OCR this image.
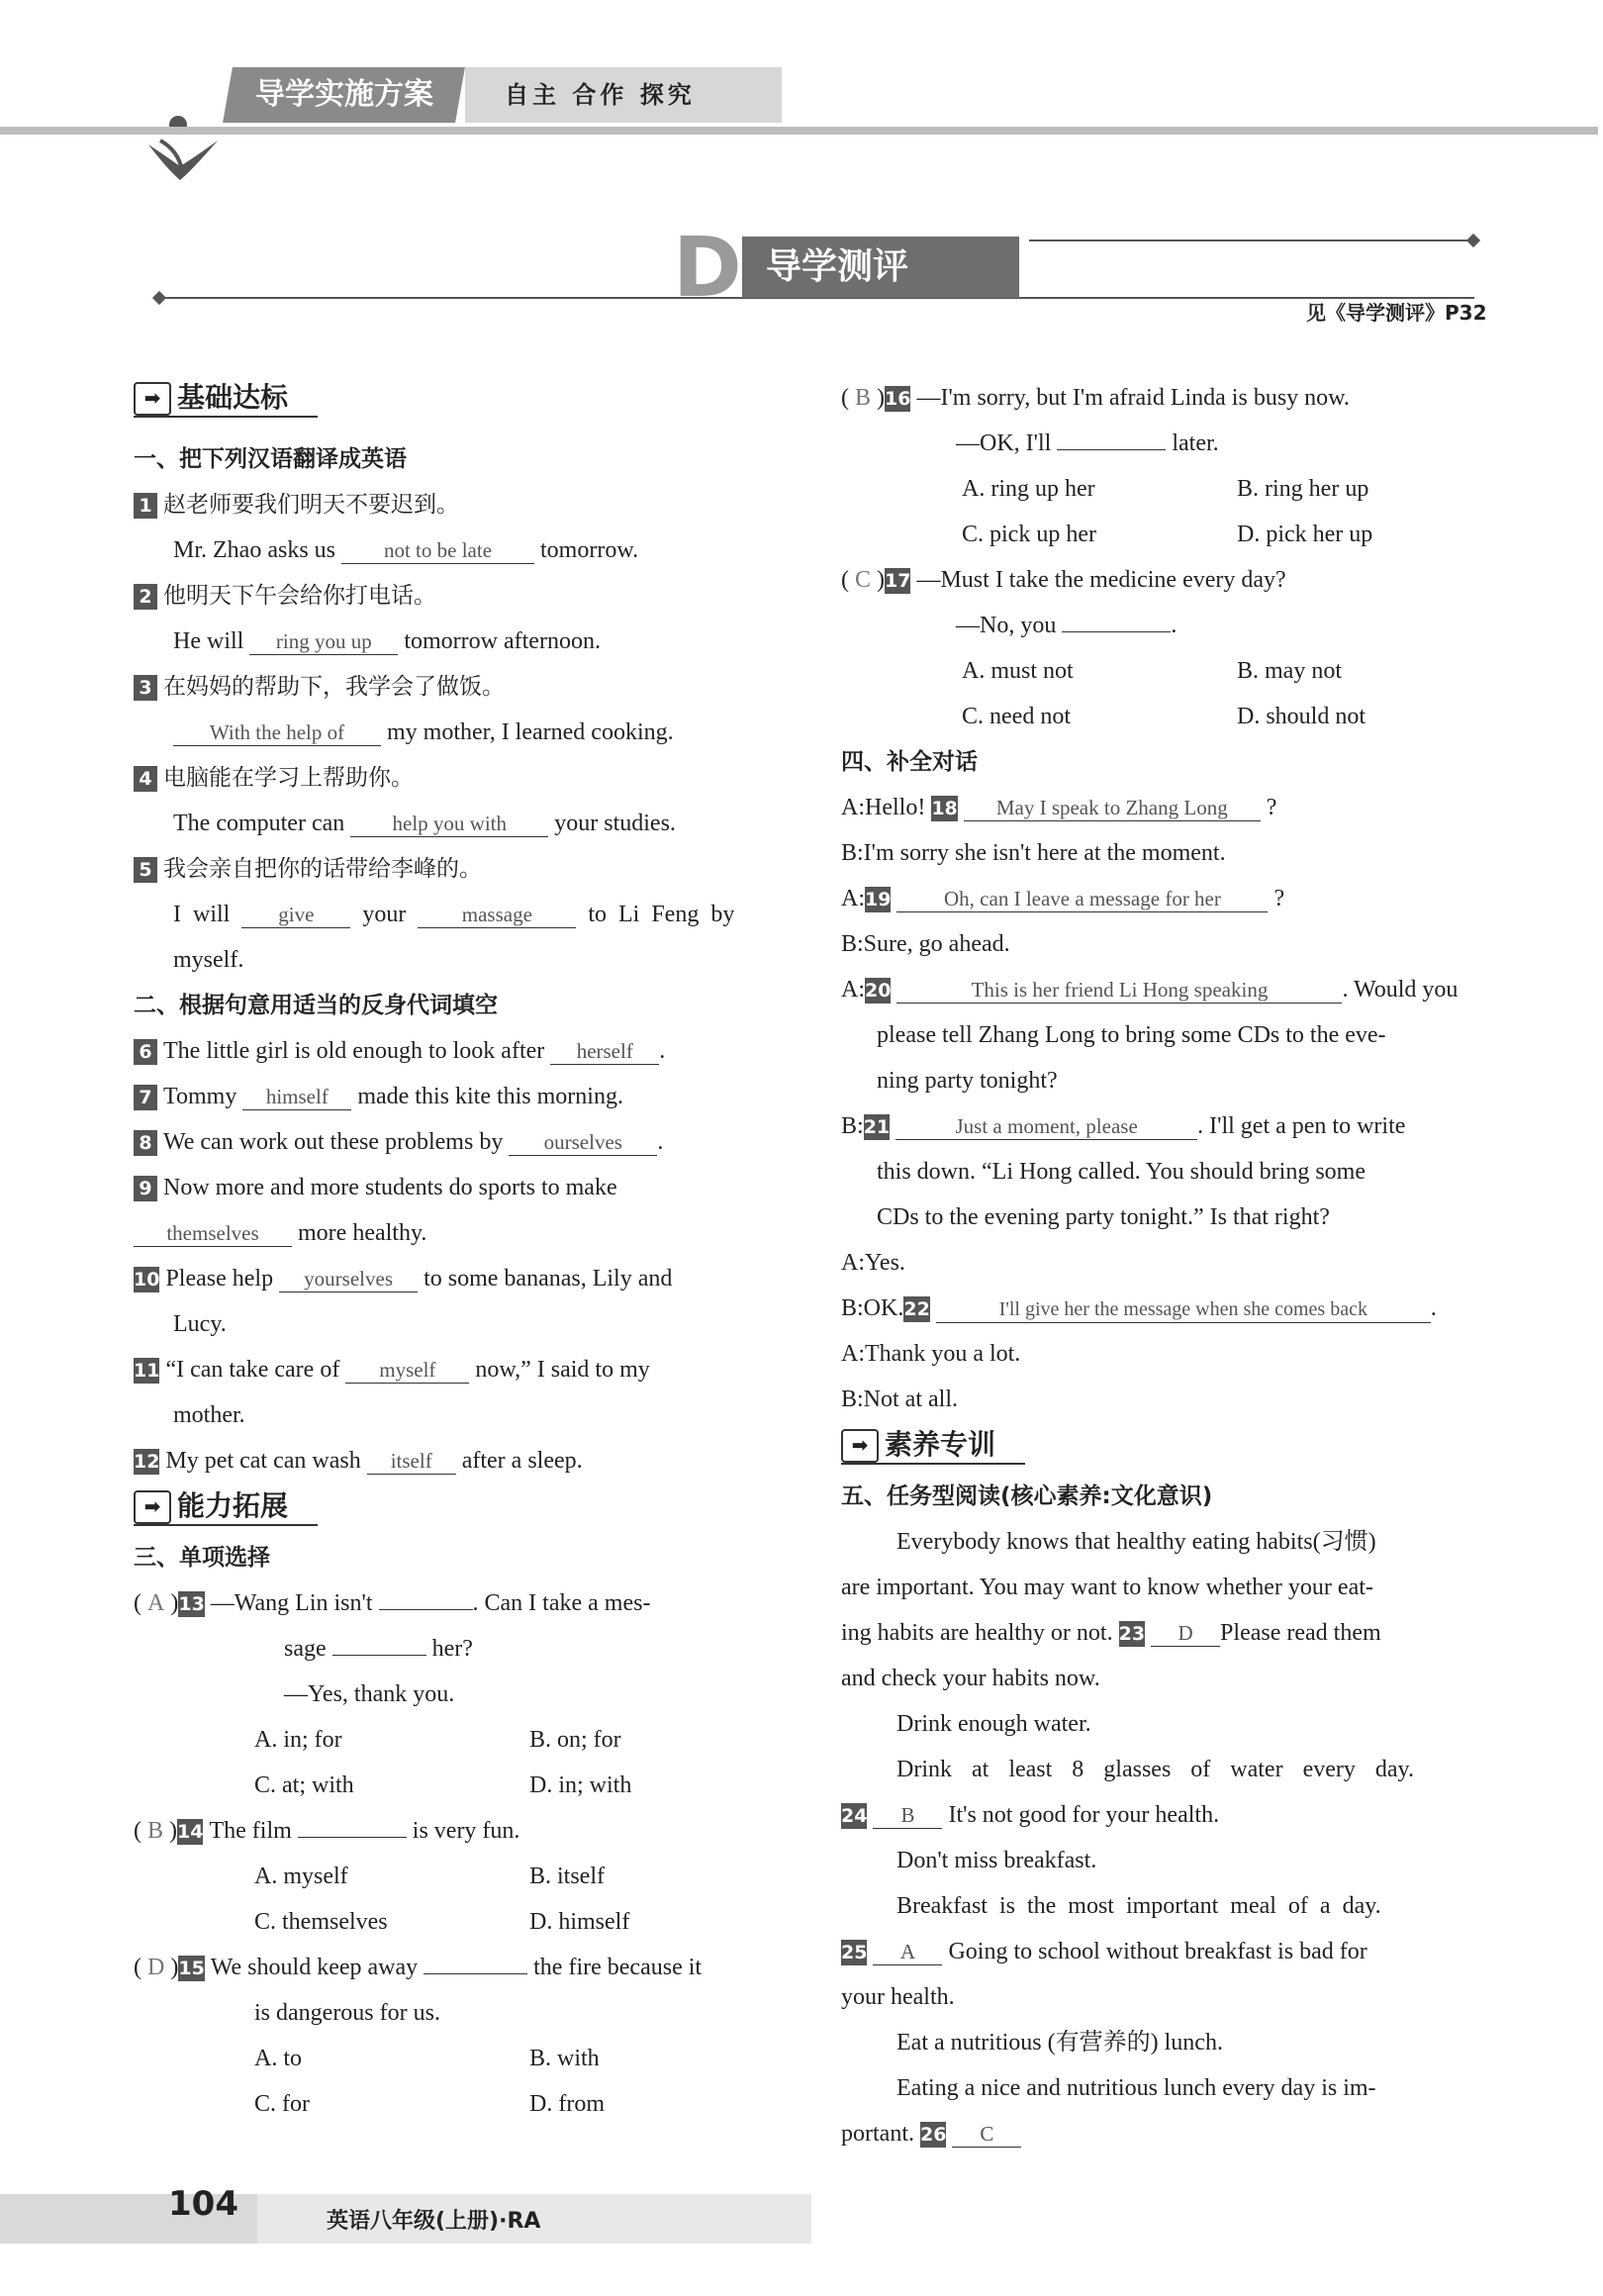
导学实施方案	自主 合作 探究
D 导学测评
见《导学测评》P32
➡ 基础达标
一、把下列汉语翻译成英语
1 赵老师要我们明天不要迟到。
Mr. Zhao asks us not to be late tomorrow.
2 他明天下午会给你打电话。
He will ring you up tomorrow afternoon.
3 在妈妈的帮助下，我学会了做饭。
With the help of my mother, I learned cooking.
4 电脑能在学习上帮助你。
The computer can help you with your studies.
5 我会亲自把你的话带给李峰的。
I will give your	massage to Li Feng by
myself.
二、根据句意用适当的反身代词填空
6 The little girl is old enough to look after herself .
7 Tommy himself made this kite this morning.
8 We can work out these problems by ourselves .
9 Now more and more students do sports to make
themselves more healthy.
10 Please help yourselves to some bananas, Lily and
Lucy.
11 “I can take care of myself now,” I said to my
mother.
12 My pet cat can wash itself after a sleep.
➡ 能力拓展
三、单项选择
( A )13 —Wang Lin isn't	. Can I take a mes-
sage	her?
—Yes, thank you.
A. in; for	B. on; for
C. at; with	D. in; with
( B )14 The film	is very fun.
A. myself	B. itself
C. themselves	D. himself
( D )15 We should keep away	the fire because it
is dangerous for us.
A. to	B. with
C. for	D. from
( B )16 —I'm sorry, but I'm afraid Linda is busy now.
—OK, I'll	later.
A. ring up her	B. ring her up
C. pick up her	D. pick her up
( C )17 —Must I take the medicine every day?
—No, you	.
A. must not	B. may not
C. need not	D. should not
四、补全对话
A:Hello! 18 May I speak to Zhang Long ?
B:I'm sorry she isn't here at the moment.
A:19	Oh, can I leave a message for her ?
B:Sure, go ahead.
A:20	This is her friend Li Hong speaking	. Would you
please tell Zhang Long to bring some CDs to the eve-
ning party tonight?
B:21	Just a moment, please	. I'll get a pen to write
this down. “Li Hong called. You should bring some
CDs to the evening party tonight.” Is that right?
A:Yes.
B:OK.22	I'll give her the message when she comes back	.
A:Thank you a lot.
B:Not at all.
➡ 素养专训
五、任务型阅读(核心素养:文化意识)
Everybody knows that healthy eating habits(习惯)
are important. You may want to know whether your eat-
ing habits are healthy or not. 23 D Please read them
and check your habits now.
Drink enough water.
Drink at least 8 glasses of water every day.
24 B It's not good for your health.
Don't miss breakfast.
Breakfast is the most important meal of a day.
25 A Going to school without breakfast is bad for
your health.
Eat a nutritious (有营养的) lunch.
Eating a nice and nutritious lunch every day is im-
portant. 26 C
104	英语八年级(上册)·RA
